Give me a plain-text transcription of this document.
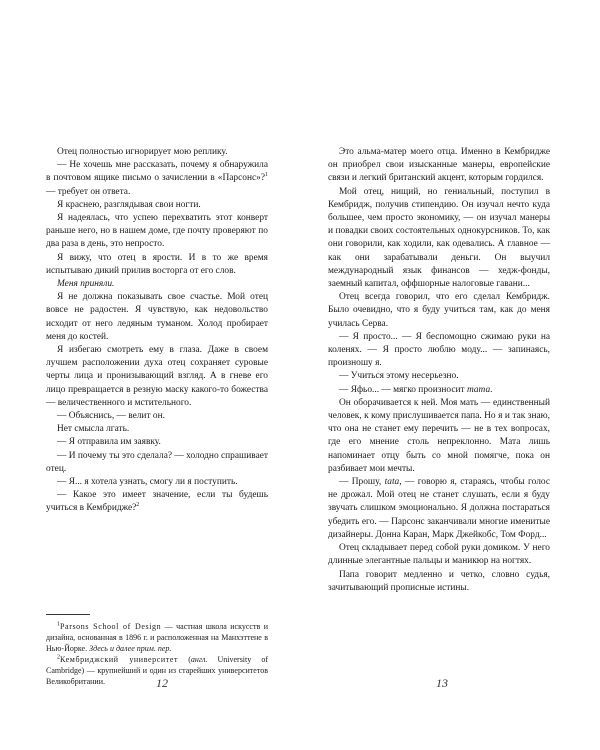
Отец полностью игнорирует мою реплику.

— Не хочешь мне рассказать, почему я обнаружила в почтовом ящике письмо о зачислении в «Парсонс»?$^1$ — требует он ответа.

Я краснею, разглядывая свои ногти.

Я надеялась, что успею перехватить этот конверт раньше него, но в нашем доме, где почту проверяют по два раза в день, это непросто.

Я вижу, что отец в ярости. И в то же время испытываю дикий прилив восторга от его слов.

Меня приняли.

Я не должна показывать свое счастье. Мой отец вовсе не радостен. Я чувствую, как недовольство исходит от него ледяным туманом. Холод пробирает меня до костей.

Я избегаю смотреть ему в глаза. Даже в своем лучшем расположении духа отец сохраняет суровые черты лица и пронизывающий взгляд. А в гневе его лицо превращается в резную маску какого-то божества — величественного и мстительного.

— Объяснись, — велит он.

Нет смысла лгать.

— Я отправила им заявку.

— И почему ты это сделала? — холодно спрашивает отец.

— Я... я хотела узнать, смогу ли я поступить.

— Какое это имеет значение, если ты будешь учиться в Кембридже?$^2$

$^1$Parsons School of Design — частная школа искусств и дизайна, основанная в 1896 г. и расположенная на Манхэттене в Нью-Йорке. Здесь и далее прим. пер.

$^2$Кембриджский университет (англ. University of Cambridge) — крупнейший и один из старейших университетов Великобритании.	12

Это альма-матер моего отца. Именно в Кембридже он приобрел свои изысканные манеры, европейские связи и легкий британский акцент, которым гордился.

Мой отец, нищий, но гениальный, поступил в Кембридж, получив стипендию. Он изучал нечто куда большее, чем просто экономику, — он изучал манеры и повадки своих состоятельных однокурсников. То, как они говорили, как ходили, как одевались. А главное — как они зарабатывали деньги. Он выучил международный язык финансов — хедж-фонды, заемный капитал, оффшорные налоговые гавани...

Отец всегда говорил, что его сделал Кембридж. Было очевидно, что я буду учиться там, как до меня училась Серва.

— Я просто... — Я беспомощно сжимаю руки на коленях. — Я просто люблю моду... — запинаясь, произношу я.

— Учиться этому несерьезно.

— Яфьо... — мягко произносит тата.

Он оборачивается к ней. Моя мать — единственный человек, к кому прислушивается папа. Но я и так знаю, что она не станет ему перечить — не в тех вопросах, где его мнение столь непреклонно. Мата лишь напоминает отцу быть со мной помягче, пока он разбивает мои мечты.

— Прошу, tata, — говорю я, стараясь, чтобы голос не дрожал. Мой отец не станет слушать, если я буду звучать слишком эмоционально. Я должна постараться убедить его. — Парсонс заканчивали многие именитые дизайнеры. Донна Каран, Марк Джейкобс, Том Форд...

Отец складывает перед собой руки домиком. У него длинные элегантные пальцы и маникюр на ногтях.

Папа говорит медленно и четко, словно судья, зачитывающий прописные истины.

13
